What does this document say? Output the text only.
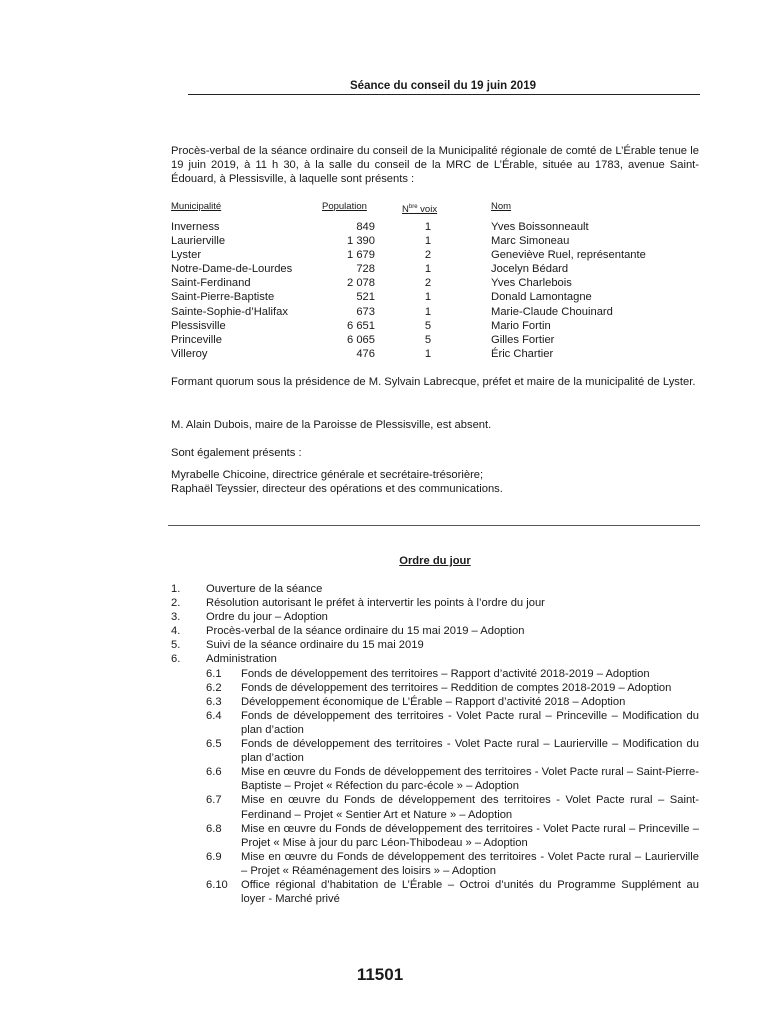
Séance du conseil du 19 juin 2019
Procès-verbal de la séance ordinaire du conseil de la Municipalité régionale de comté de L’Érable tenue le 19 juin 2019, à 11 h 30, à la salle du conseil de la MRC de L’Érable, située au 1783, avenue Saint-Édouard, à Plessisville, à laquelle sont présents :
Municipalité	Population	$N^{bre}$ voix	Nom
Inverness	849	1	Yves Boissonneault
Laurierville	1 390	1	Marc Simoneau
Lyster	1 679	2	Geneviève Ruel, représentante
Notre-Dame-de-Lourdes	728	1	Jocelyn Bédard
Saint-Ferdinand	2 078	2	Yves Charlebois
Saint-Pierre-Baptiste	521	1	Donald Lamontagne
Sainte-Sophie-d’Halifax	673	1	Marie-Claude Chouinard
Plessisville	6 651	5	Mario Fortin
Princeville	6 065	5	Gilles Fortier
Villeroy	476	1	Éric Chartier
Formant quorum sous la présidence de M. Sylvain Labrecque, préfet et maire de la municipalité de Lyster.
M. Alain Dubois, maire de la Paroisse de Plessisville, est absent.
Sont également présents :
Myrabelle Chicoine, directrice générale et secrétaire-trésorière;
Raphaël Teyssier, directeur des opérations et des communications.
Ordre du jour
1. Ouverture de la séance
2. Résolution autorisant le préfet à intervertir les points à l’ordre du jour
3. Ordre du jour – Adoption
4. Procès-verbal de la séance ordinaire du 15 mai 2019 – Adoption
5. Suivi de la séance ordinaire du 15 mai 2019
6. Administration
6.1 Fonds de développement des territoires – Rapport d’activité 2018-2019 – Adoption
6.2 Fonds de développement des territoires – Reddition de comptes 2018-2019 – Adoption
6.3 Développement économique de L’Érable – Rapport d’activité 2018 – Adoption
6.4 Fonds de développement des territoires - Volet Pacte rural – Princeville – Modification du plan d’action
6.5 Fonds de développement des territoires - Volet Pacte rural – Laurierville – Modification du plan d’action
6.6 Mise en œuvre du Fonds de développement des territoires - Volet Pacte rural – Saint-Pierre-Baptiste – Projet « Réfection du parc-école » – Adoption
6.7 Mise en œuvre du Fonds de développement des territoires - Volet Pacte rural – Saint-Ferdinand – Projet « Sentier Art et Nature » – Adoption
6.8 Mise en œuvre du Fonds de développement des territoires - Volet Pacte rural – Princeville – Projet « Mise à jour du parc Léon-Thibodeau » – Adoption
6.9 Mise en œuvre du Fonds de développement des territoires - Volet Pacte rural – Laurierville – Projet « Réaménagement des loisirs » – Adoption
6.10 Office régional d’habitation de L’Érable – Octroi d’unités du Programme Supplément au loyer - Marché privé
11501
